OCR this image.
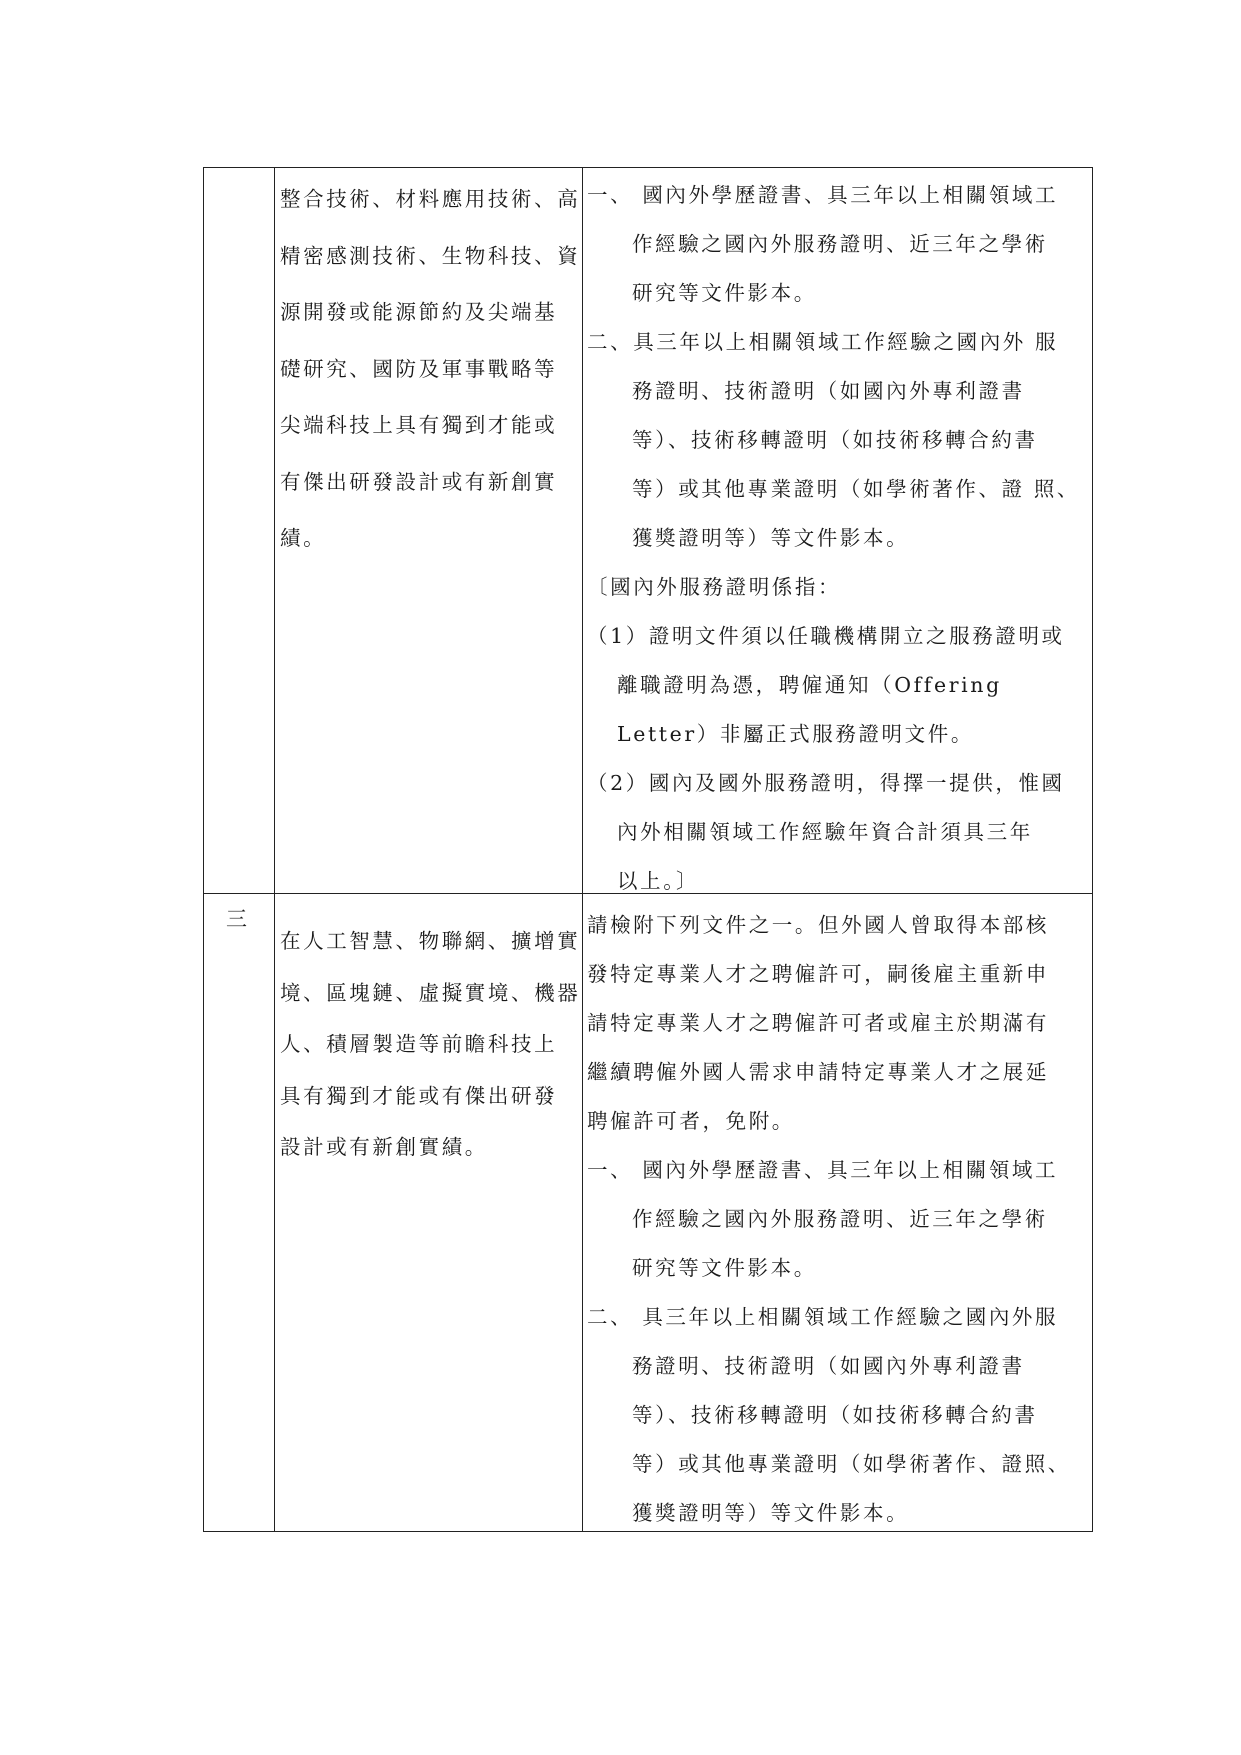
整合技術、材料應用技術、高
精密感測技術、生物科技、資
源開發或能源節約及尖端基
礎研究、國防及軍事戰略等
尖端科技上具有獨到才能或
有傑出研發設計或有新創實
績。
一、 國內外學歷證書、具三年以上相關領域工
作經驗之國內外服務證明、近三年之學術
研究等文件影本。
二、具三年以上相關領域工作經驗之國內外 服
務證明、技術證明（如國內外專利證書
等）、技術移轉證明（如技術移轉合約書
等）或其他專業證明（如學術著作、證 照、
獲獎證明等）等文件影本。
〔國內外服務證明係指：
（1）證明文件須以任職機構開立之服務證明或
離職證明為憑，聘僱通知（Offering
Letter）非屬正式服務證明文件。
（2）國內及國外服務證明，得擇一提供，惟國
內外相關領域工作經驗年資合計須具三年
以上。〕
三
在人工智慧、物聯網、擴增實
境、區塊鏈、虛擬實境、機器
人、積層製造等前瞻科技上
具有獨到才能或有傑出研發
設計或有新創實績。
請檢附下列文件之一。但外國人曾取得本部核
發特定專業人才之聘僱許可，嗣後雇主重新申
請特定專業人才之聘僱許可者或雇主於期滿有
繼續聘僱外國人需求申請特定專業人才之展延
聘僱許可者，免附。
一、 國內外學歷證書、具三年以上相關領域工
作經驗之國內外服務證明、近三年之學術
研究等文件影本。
二、 具三年以上相關領域工作經驗之國內外服
務證明、技術證明（如國內外專利證書
等）、技術移轉證明（如技術移轉合約書
等）或其他專業證明（如學術著作、證照、
獲獎證明等）等文件影本。
